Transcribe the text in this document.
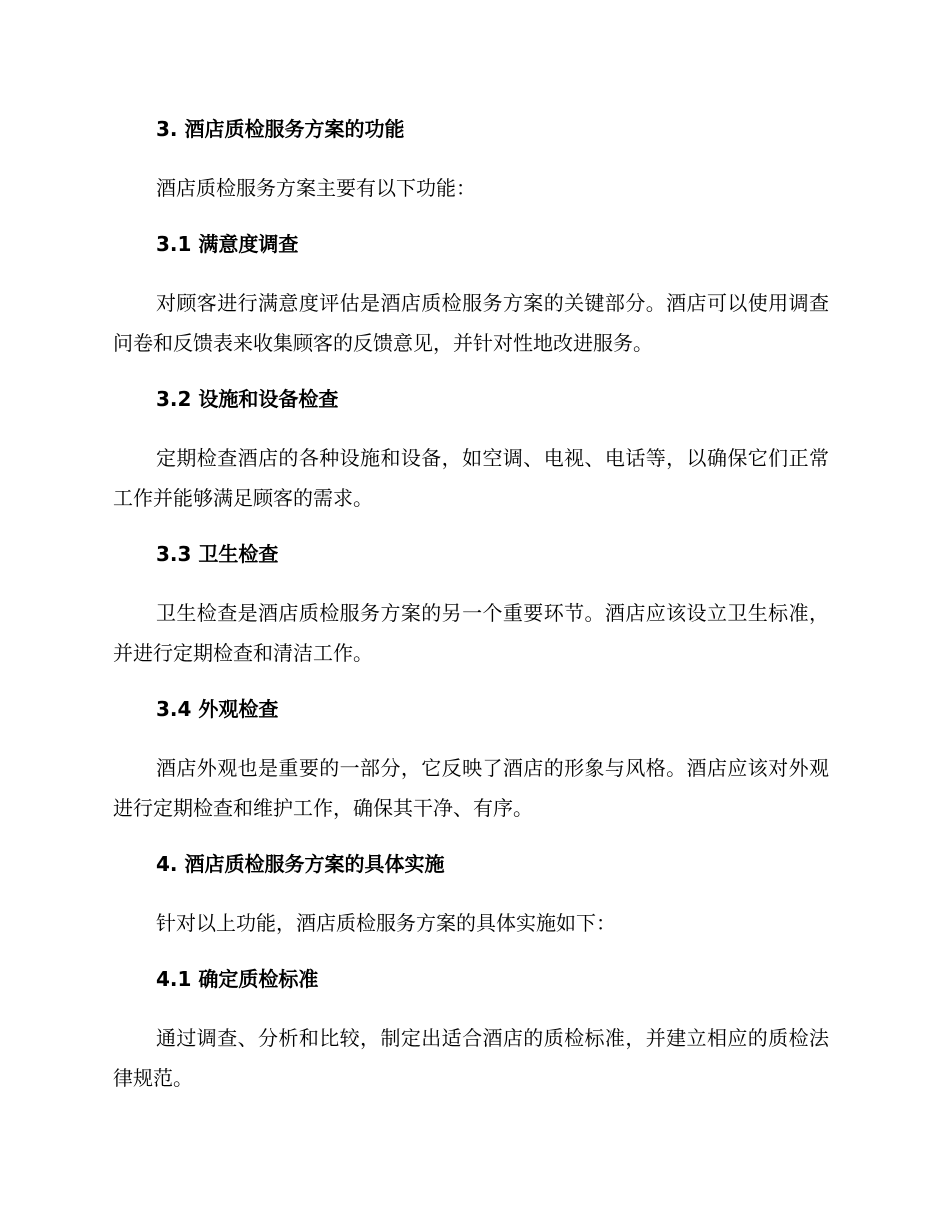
3. 酒店质检服务方案的功能

酒店质检服务方案主要有以下功能：

3.1 满意度调查

对顾客进行满意度评估是酒店质检服务方案的关键部分。酒店可以使用调查问卷和反馈表来收集顾客的反馈意见，并针对性地改进服务。

3.2 设施和设备检查

定期检查酒店的各种设施和设备，如空调、电视、电话等，以确保它们正常工作并能够满足顾客的需求。

3.3 卫生检查

卫生检查是酒店质检服务方案的另一个重要环节。酒店应该设立卫生标准，并进行定期检查和清洁工作。

3.4 外观检查

酒店外观也是重要的一部分，它反映了酒店的形象与风格。酒店应该对外观进行定期检查和维护工作，确保其干净、有序。

4. 酒店质检服务方案的具体实施

针对以上功能，酒店质检服务方案的具体实施如下：

4.1 确定质检标准

通过调查、分析和比较，制定出适合酒店的质检标准，并建立相应的质检法律规范。
